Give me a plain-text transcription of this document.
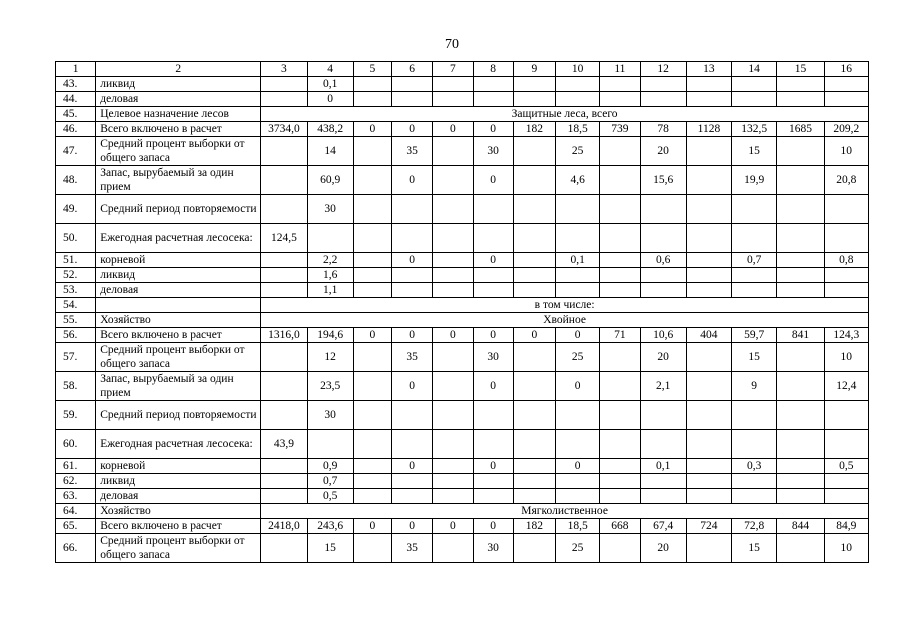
70
1	2	3	4	5	6	7	8	9	10	11	12	13	14	15	16
43.	ликвид		0,1												
44.	деловая		0												
45.	Целевое назначение лесов	Защитные леса, всего													
46.	Всего включено в расчет	3734,0	438,2	0	0	0	0	182	18,5	739	78	1128	132,5	1685	209,2
47.	Средний процент выборки от общего запаса		14		35		30		25		20		15		10
48.	Запас, вырубаемый за один прием		60,9		0		0		4,6		15,6		19,9		20,8
49.	Средний период повторяемости		30												
50.	Ежегодная расчетная лесосека:	124,5													
51.	корневой		2,2		0		0		0,1		0,6		0,7		0,8
52.	ликвид		1,6												
53.	деловая		1,1												
54.		в том числе:													
55.	Хозяйство	Хвойное													
56.	Всего включено в расчет	1316,0	194,6	0	0	0	0	0	0	71	10,6	404	59,7	841	124,3
57.	Средний процент выборки от общего запаса		12		35		30		25		20		15		10
58.	Запас, вырубаемый за один прием		23,5		0		0		0		2,1		9		12,4
59.	Средний период повторяемости		30												
60.	Ежегодная расчетная лесосека:	43,9													
61.	корневой		0,9		0		0		0		0,1		0,3		0,5
62.	ликвид		0,7												
63.	деловая		0,5												
64.	Хозяйство	Мягколиственное													
65.	Всего включено в расчет	2418,0	243,6	0	0	0	0	182	18,5	668	67,4	724	72,8	844	84,9
66.	Средний процент выборки от общего запаса		15		35		30		25		20		15		10
